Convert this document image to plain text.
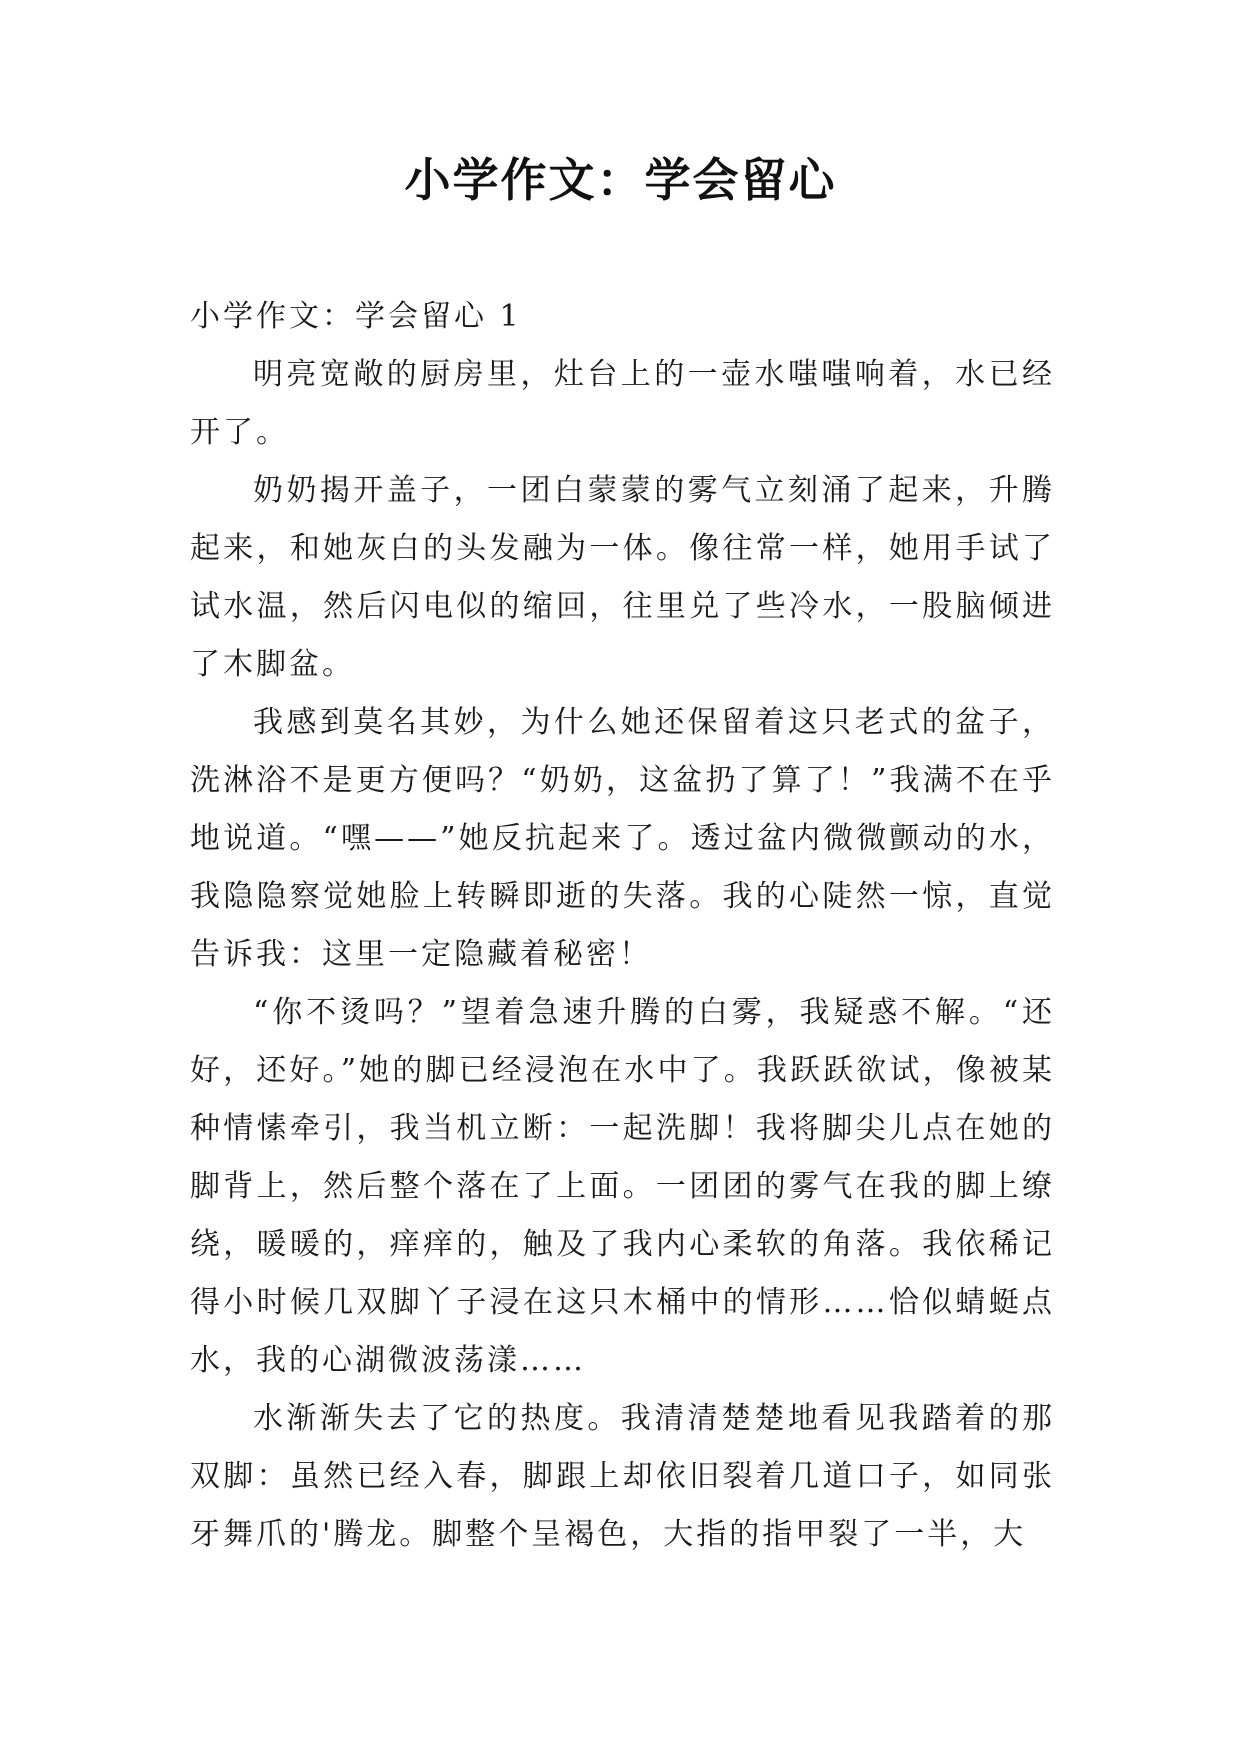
小学作文：学会留心

小学作文：学会留心 1

明亮宽敞的厨房里，灶台上的一壶水嗤嗤响着，水已经开了。

奶奶揭开盖子，一团白蒙蒙的雾气立刻涌了起来，升腾起来，和她灰白的头发融为一体。像往常一样，她用手试了试水温，然后闪电似的缩回，往里兑了些冷水，一股脑倾进了木脚盆。

我感到莫名其妙，为什么她还保留着这只老式的盆子，洗淋浴不是更方便吗？“奶奶，这盆扔了算了！”我满不在乎地说道。“嘿——”她反抗起来了。透过盆内微微颤动的水，我隐隐察觉她脸上转瞬即逝的失落。我的心陡然一惊，直觉告诉我：这里一定隐藏着秘密！

“你不烫吗？”望着急速升腾的白雾，我疑惑不解。“还好，还好。”她的脚已经浸泡在水中了。我跃跃欲试，像被某种情愫牵引，我当机立断：一起洗脚！我将脚尖儿点在她的脚背上，然后整个落在了上面。一团团的雾气在我的脚上缭绕，暖暖的，痒痒的，触及了我内心柔软的角落。我依稀记得小时候几双脚丫子浸在这只木桶中的情形……恰似蜻蜓点水，我的心湖微波荡漾……

水渐渐失去了它的热度。我清清楚楚地看见我踏着的那双脚：虽然已经入春，脚跟上却依旧裂着几道口子，如同张牙舞爪的'腾龙。脚整个呈褐色，大指的指甲裂了一半，大
